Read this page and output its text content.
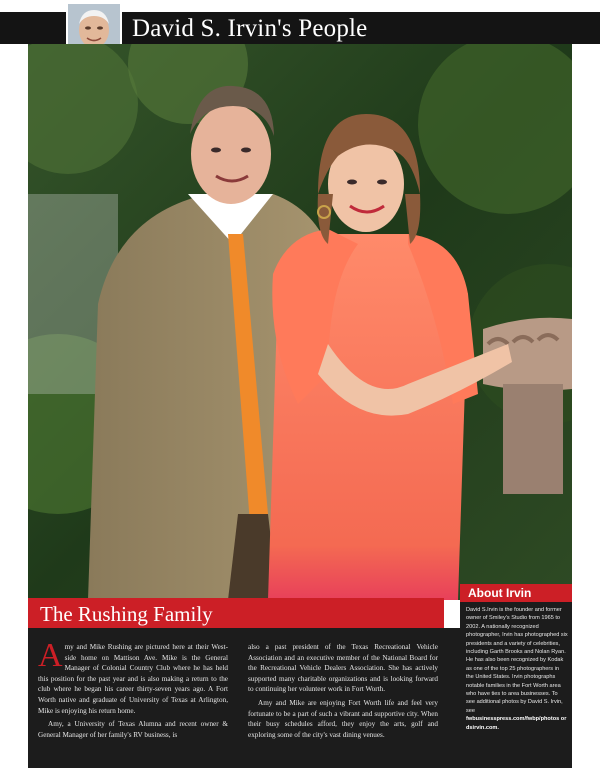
David S. Irvin's People
About Irvin
David S.Irvin is the founder and former owner of Smiley's Studio from 1965 to 2002. A nationally recognized photographer, Irvin has photographed six presidents and a variety of celebrities, including Garth Brooks and Nolan Ryan. He has also been recognized by Kodak as one of the top 25 photographers in the United States. Irvin photographs notable families in the Fort Worth area who have ties to area businesses. To see additional photos by David S. Irvin, see fwbusinesspress.com/fwbp/photos or dsirvin.com.
The Rushing Family

A my and Mike Rushing are pictured here at their West-side home on Mattison Ave. Mike is the General Manager of Colonial Country Club where he has held this position for the past year and is also making a return to the club where he began his career thirty-seven years ago. A Fort Worth native and graduate of University of Texas at Arlington, Mike is enjoying his return home.

Amy, a University of Texas Alumna and recent owner & General Manager of her family's RV business, is

also a past president of the Texas Recreational Vehicle Association and an executive member of the National Board for the Recreational Vehicle Dealers Association. She has actively supported many charitable organizations and is looking forward to continuing her volunteer work in Fort Worth.

Amy and Mike are enjoying Fort Worth life and feel very fortunate to be a part of such a vibrant and supportive city. When their busy schedules afford, they enjoy the arts, golf and exploring some of the city's vast dining venues.
